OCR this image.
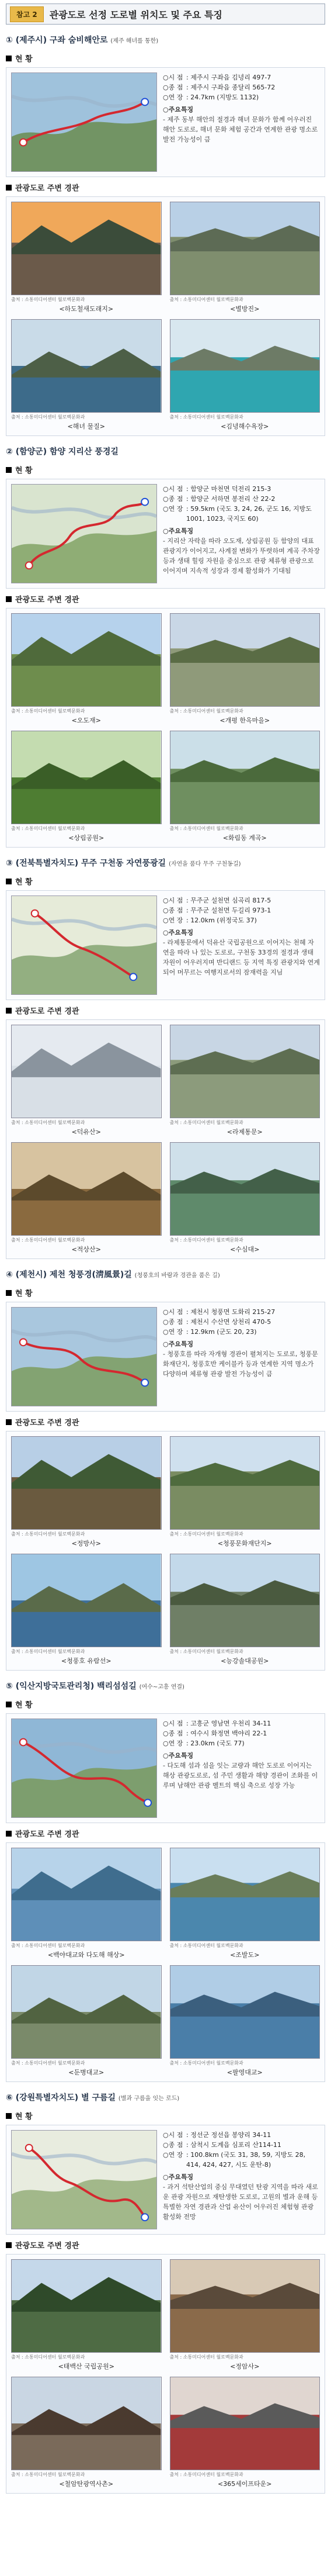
참고 2	관광도로 선정 도로별 위치도 및 주요 특징
① (제주시) 구좌 숨비해안로 (제주 해녀를 통한)
현 황
○시 점 : 제주시 구좌읍 김녕리 497-7
○종 점 : 제주시 구좌읍 종달리 565-72
○연 장 : 24.7km (지방도 1132)
○주요특징
- 제주 동부 해안의 절경과 해녀 문화가 함께 어우러진 해안 도로로, 해녀 문화 체험 공간과 연계한 관광 명소로 발전 가능성이 큼
관광도로 주변 경관
출처 : 소통미디어센터 월로벡문화과
<하도철새도래지>
출처 : 소통미디어센터 월로벡문화과
<별방진>
출처 : 소통미디어센터 월로벡문화과
<해녀 물질>
출처 : 소통미디어센터 월로벡문화과
<김녕해수욕장>
② (함양군) 함양 지리산 풍경길
현 황
○시 점 : 함양군 마천면 덕전리 215-3
○종 점 : 함양군 서하면 봉전리 산 22-2
○연 장 : 59.5km (국도 3, 24, 26, 군도 16, 지방도 1001, 1023, 국지도 60)
○주요특징
- 지리산 자락을 따라 오도재, 상림공원 등 함양의 대표 관광지가 이어지고, 사계절 변화가 뚜렷하며 계곡 주차장 등과 생태 힐링 자원을 중심으로 관광 체류형 관광으로 이어지며 지속적 성장과 경제 활성화가 기대됨
관광도로 주변 경관
출처 : 소통미디어센터 월로벡문화과
<오도재>
출처 : 소통미디어센터 월로벡문화과
<개평 한옥마을>
출처 : 소통미디어센터 월로벡문화과
<상림공원>
출처 : 소통미디어센터 월로벡문화과
<화림동 계곡>
③ (전북특별자치도) 무주 구천동 자연풍광길 (자연을 품다 무주 구천동길)
현 황
○시 점 : 무주군 설천면 심곡리 817-5
○종 점 : 무주군 설천면 두길리 973-1
○연 장 : 12.0km (위정국도 37)
○주요특징
- 라제통문에서 덕유산 국립공원으로 이어지는 천혜 자연을 따라 나 있는 도로로, 구천동 33경의 절경과 생태 자원이 어우러지며 반디랜드 등 지역 특징 관광지와 연계되어 머무르는 여행지로서의 잠재력을 지님
관광도로 주변 경관
출처 : 소통미디어센터 월로벡문화과
<덕유산>
출처 : 소통미디어센터 월로벡문화과
<라제통문>
출처 : 소통미디어센터 월로벡문화과
<적상산>
출처 : 소통미디어센터 월로벡문화과
<수심대>
④ (제천시) 제천 청풍경(淸風景)길 (청풍호의 바람과 경관을 품은 길)
현 황
○시 점 : 제천시 청풍면 도화리 215-27
○종 점 : 제천시 수산면 상천리 470-5
○연 장 : 12.9km (군도 20, 23)
○주요특징
- 청풍호를 따라 자개형 경관이 펼쳐지는 도로로, 청풍문화재단지, 청풍호반 케이블카 등과 연계한 지역 명소가 다양하며 체류형 관광 발전 가능성이 큼
관광도로 주변 경관
출처 : 소통미디어센터 월로벡문화과
<정방사>
출처 : 소통미디어센터 월로벡문화과
<청풍문화재단지>
출처 : 소통미디어센터 월로벡문화과
<청풍호 유람선>
출처 : 소통미디어센터 월로벡문화과
<능강솔대공원>
⑤ (익산지방국토관리청) 백리섬섬길 (여수~고흥 연결)
현 황
○시 점 : 고흥군 영남면 우천리 34-11
○종 점 : 여수시 화정면 백야리 22-1
○연 장 : 23.0km (국도 77)
○주요특징
- 다도해 섬과 섬을 잇는 교량과 해안 도로로 이어지는 해상 관광도로로, 섬 주민 생활과 해양 경관이 조화를 이루며 남해안 관광 벨트의 핵심 축으로 성장 가능
관광도로 주변 경관
출처 : 소통미디어센터 월로벡문화과
<백야대교와 다도해 해상>
출처 : 소통미디어센터 월로벡문화과
<조발도>
출처 : 소통미디어센터 월로벡문화과
<둔병대교>
출처 : 소통미디어센터 월로벡문화과
<팔영대교>
⑥ (강원특별자치도) 별 구름길 (별과 구름을 잇는 로드)
현 황
○시 점 : 정선군 정선읍 봉양리 34-11
○종 점 : 삼척시 도계읍 심포리 산114-11
○연 장 : 100.8km (국도 31, 38, 59, 지방도 28, 414, 424, 427, 시도 운탄-8)
○주요특징
- 과거 석탄산업의 중심 무대였던 탄광 지역을 따라 새로운 관광 자원으로 재탄생한 도로로, 고원의 별과 운해 등 특별한 자연 경관과 산업 유산이 어우러진 체험형 관광 활성화 전망
관광도로 주변 경관
출처 : 소통미디어센터 월로벡문화과
<태백산 국립공원>
출처 : 소통미디어센터 월로벡문화과
<정암사>
출처 : 소통미디어센터 월로벡문화과
<철암탄광역사촌>
출처 : 소통미디어센터 월로벡문화과
<365세이프타운>
